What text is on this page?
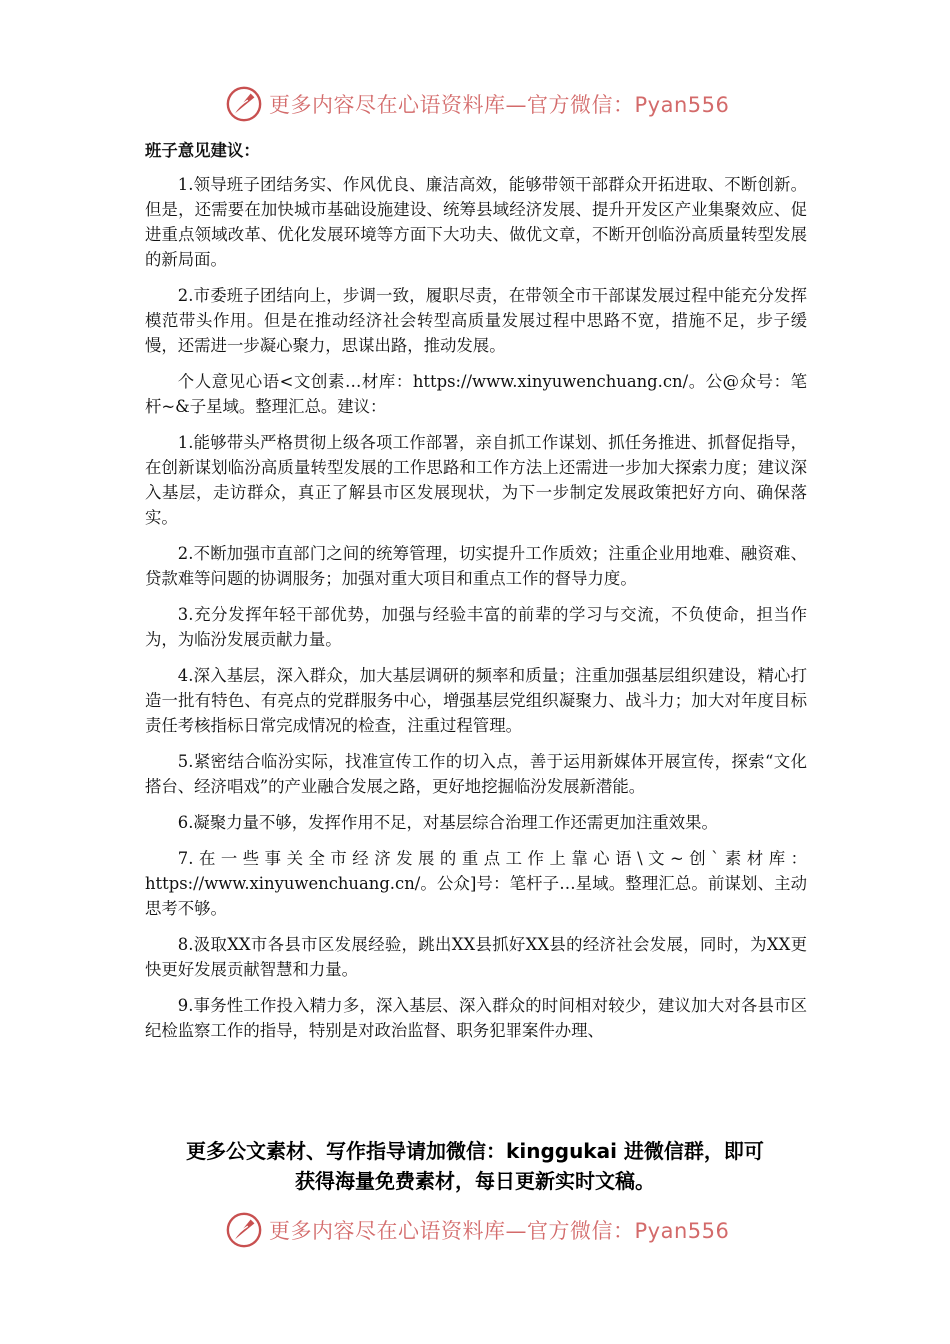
更多内容尽在心语资料库—官方微信：Pyan556

班子意见建议：

1.领导班子团结务实、作风优良、廉洁高效，能够带领干部群众开拓进取、不断创新。但是，还需要在加快城市基础设施建设、统筹县域经济发展、提升开发区产业集聚效应、促进重点领域改革、优化发展环境等方面下大功夫、做优文章，不断开创临汾高质量转型发展的新局面。

2.市委班子团结向上，步调一致，履职尽责，在带领全市干部谋发展过程中能充分发挥模范带头作用。但是在推动经济社会转型高质量发展过程中思路不宽，措施不足，步子缓慢，还需进一步凝心聚力，思谋出路，推动发展。

个人意见心语<文创素…材库：https://www.xinyuwenchuang.cn/。公@众号：笔杆~&子星域。整理汇总。建议：

1.能够带头严格贯彻上级各项工作部署，亲自抓工作谋划、抓任务推进、抓督促指导，在创新谋划临汾高质量转型发展的工作思路和工作方法上还需进一步加大探索力度；建议深入基层，走访群众，真正了解县市区发展现状，为下一步制定发展政策把好方向、确保落实。

2.不断加强市直部门之间的统筹管理，切实提升工作质效；注重企业用地难、融资难、贷款难等问题的协调服务；加强对重大项目和重点工作的督导力度。

3.充分发挥年轻干部优势，加强与经验丰富的前辈的学习与交流，不负使命，担当作为，为临汾发展贡献力量。

4.深入基层，深入群众，加大基层调研的频率和质量；注重加强基层组织建设，精心打造一批有特色、有亮点的党群服务中心，增强基层党组织凝聚力、战斗力；加大对年度目标责任考核指标日常完成情况的检查，注重过程管理。

5.紧密结合临汾实际，找准宣传工作的切入点，善于运用新媒体开展宣传，探索“文化搭台、经济唱戏”的产业融合发展之路，更好地挖掘临汾发展新潜能。

6.凝聚力量不够，发挥作用不足，对基层综合治理工作还需更加注重效果。

7.在一些事关全市经济发展的重点工作上靠心语\文~创`素材库：https://www.xinyuwenchuang.cn/。公众]号：笔杆子…星域。整理汇总。前谋划、主动思考不够。

8.汲取XX市各县市区发展经验，跳出XX县抓好XX县的经济社会发展，同时，为XX更快更好发展贡献智慧和力量。

9.事务性工作投入精力多，深入基层、深入群众的时间相对较少，建议加大对各县市区纪检监察工作的指导，特别是对政治监督、职务犯罪案件办理、

更多公文素材、写作指导请加微信：kinggukai 进微信群，即可
获得海量免费素材，每日更新实时文稿。
更多内容尽在心语资料库—官方微信：Pyan556
